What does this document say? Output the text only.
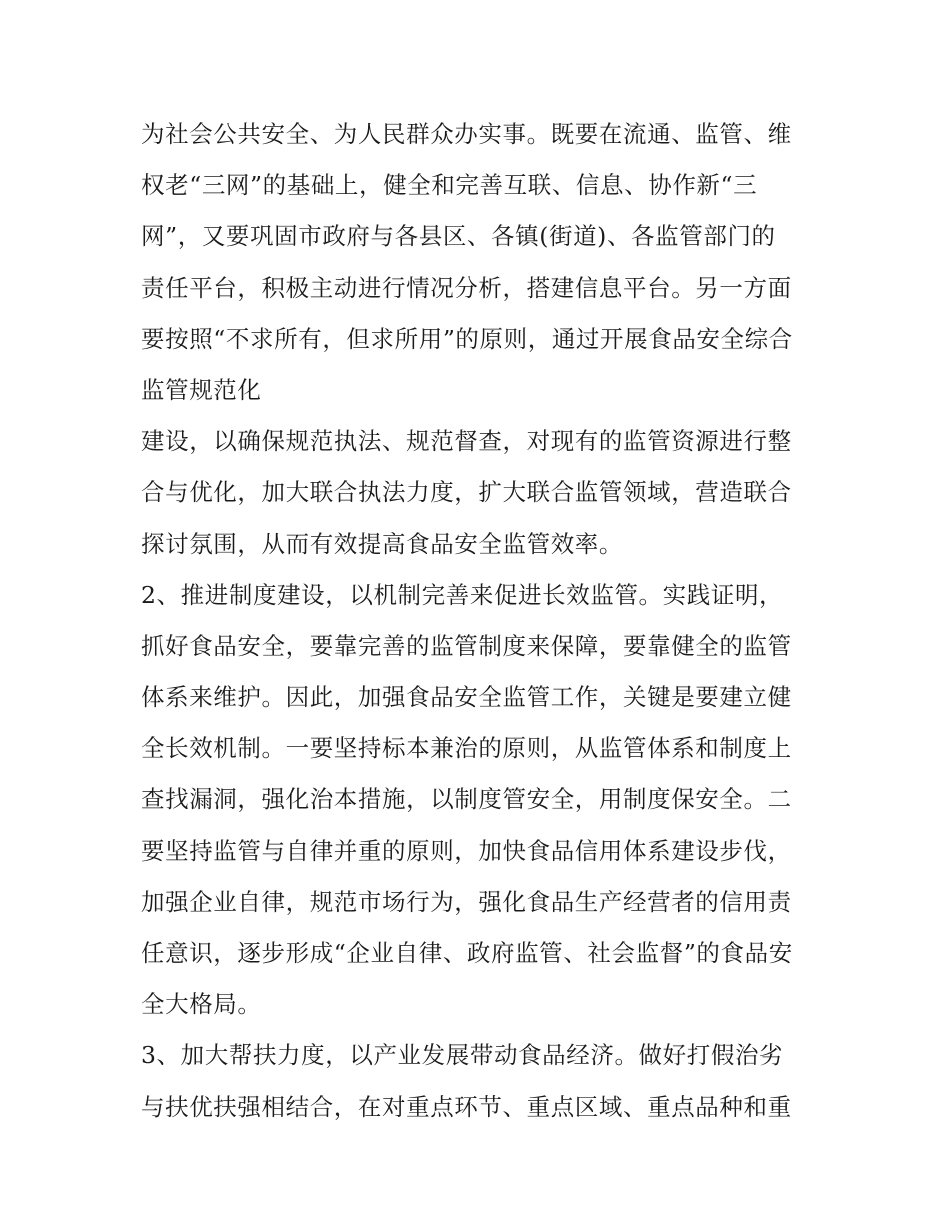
为社会公共安全、为人民群众办实事。既要在流通、监管、维
权老“三网”的基础上，健全和完善互联、信息、协作新“三
网”，又要巩固市政府与各县区、各镇(街道)、各监管部门的
责任平台，积极主动进行情况分析，搭建信息平台。另一方面
要按照“不求所有，但求所用”的原则，通过开展食品安全综合
监管规范化
建设，以确保规范执法、规范督查，对现有的监管资源进行整
合与优化，加大联合执法力度，扩大联合监管领域，营造联合
探讨氛围，从而有效提高食品安全监管效率。
2、推进制度建设，以机制完善来促进长效监管。实践证明，
抓好食品安全，要靠完善的监管制度来保障，要靠健全的监管
体系来维护。因此，加强食品安全监管工作，关键是要建立健
全长效机制。一要坚持标本兼治的原则，从监管体系和制度上
查找漏洞，强化治本措施，以制度管安全，用制度保安全。二
要坚持监管与自律并重的原则，加快食品信用体系建设步伐，
加强企业自律，规范市场行为，强化食品生产经营者的信用责
任意识，逐步形成“企业自律、政府监管、社会监督”的食品安
全大格局。
3、加大帮扶力度，以产业发展带动食品经济。做好打假治劣
与扶优扶强相结合，在对重点环节、重点区域、重点品种和重
